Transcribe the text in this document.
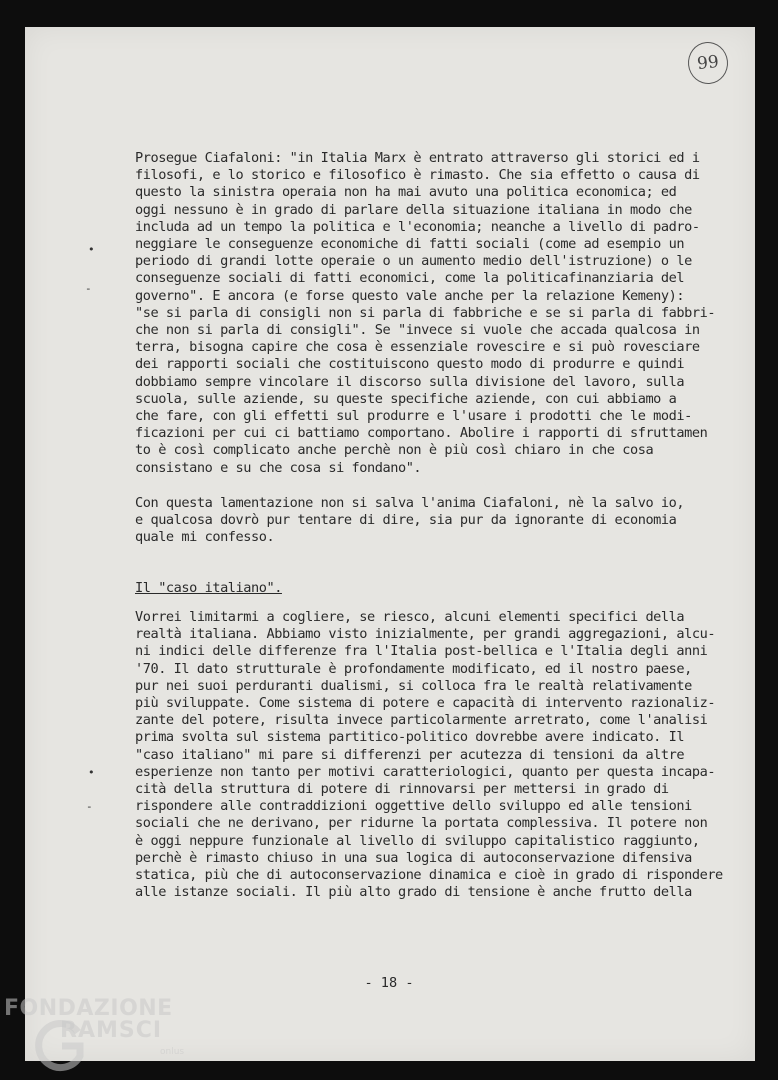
99
Prosegue Ciafaloni: "in Italia Marx è entrato attraverso gli storici ed i
filosofi, e lo storico e filosofico è rimasto. Che sia effetto o causa di
questo la sinistra operaia non ha mai avuto una politica economica; ed
oggi nessuno è in grado di parlare della situazione italiana in modo che
includa ad un tempo la politica e l'economia; neanche a livello di padro-
neggiare le conseguenze economiche di fatti sociali (come ad esempio un
periodo di grandi lotte operaie o un aumento medio dell'istruzione) o le
conseguenze sociali di fatti economici, come la politicafinanziaria del
governo". E ancora (e forse questo vale anche per la relazione Kemeny):
"se si parla di consigli non si parla di fabbriche e se si parla di fabbri-
che non si parla di consigli". Se "invece si vuole che accada qualcosa in
terra, bisogna capire che cosa è essenziale rovescire e si può rovesciare
dei rapporti sociali che costituiscono questo modo di produrre e quindi
dobbiamo sempre vincolare il discorso sulla divisione del lavoro, sulla
scuola, sulle aziende, su queste specifiche aziende, con cui abbiamo a
che fare, con gli effetti sul produrre e l'usare i prodotti che le modi-
ficazioni per cui ci battiamo comportano. Abolire i rapporti di sfruttamen
to è così complicato anche perchè non è più così chiaro in che cosa
consistano e su che cosa si fondano".
Con questa lamentazione non si salva l'anima Ciafaloni, nè la salvo io,
e qualcosa dovrò pur tentare di dire, sia pur da ignorante di economia
quale mi confesso.
Il "caso italiano".
Vorrei limitarmi a cogliere, se riesco, alcuni elementi specifici della
realtà italiana. Abbiamo visto inizialmente, per grandi aggregazioni, alcu-
ni indici delle differenze fra l'Italia post-bellica e l'Italia degli anni
'70. Il dato strutturale è profondamente modificato, ed il nostro paese,
pur nei suoi perduranti dualismi, si colloca fra le realtà relativamente
più sviluppate. Come sistema di potere e capacità di intervento razionaliz-
zante del potere, risulta invece particolarmente arretrato, come l'analisi
prima svolta sul sistema partitico-politico dovrebbe avere indicato. Il
"caso italiano" mi pare si differenzi per acutezza di tensioni da altre
esperienze non tanto per motivi caratteriologici, quanto per questa incapa-
cità della struttura di potere di rinnovarsi per mettersi in grado di
rispondere alle contraddizioni oggettive dello sviluppo ed alle tensioni
sociali che ne derivano, per ridurne la portata complessiva. Il potere non
è oggi neppure funzionale al livello di sviluppo capitalistico raggiunto,
perchè è rimasto chiuso in una sua logica di autoconservazione difensiva
statica, più che di autoconservazione dinamica e cioè in grado di rispondere
alle istanze sociali. Il più alto grado di tensione è anche frutto della
•
-
•
-
- 18 -
FONDAZIONE
RAMSCI
onlus
